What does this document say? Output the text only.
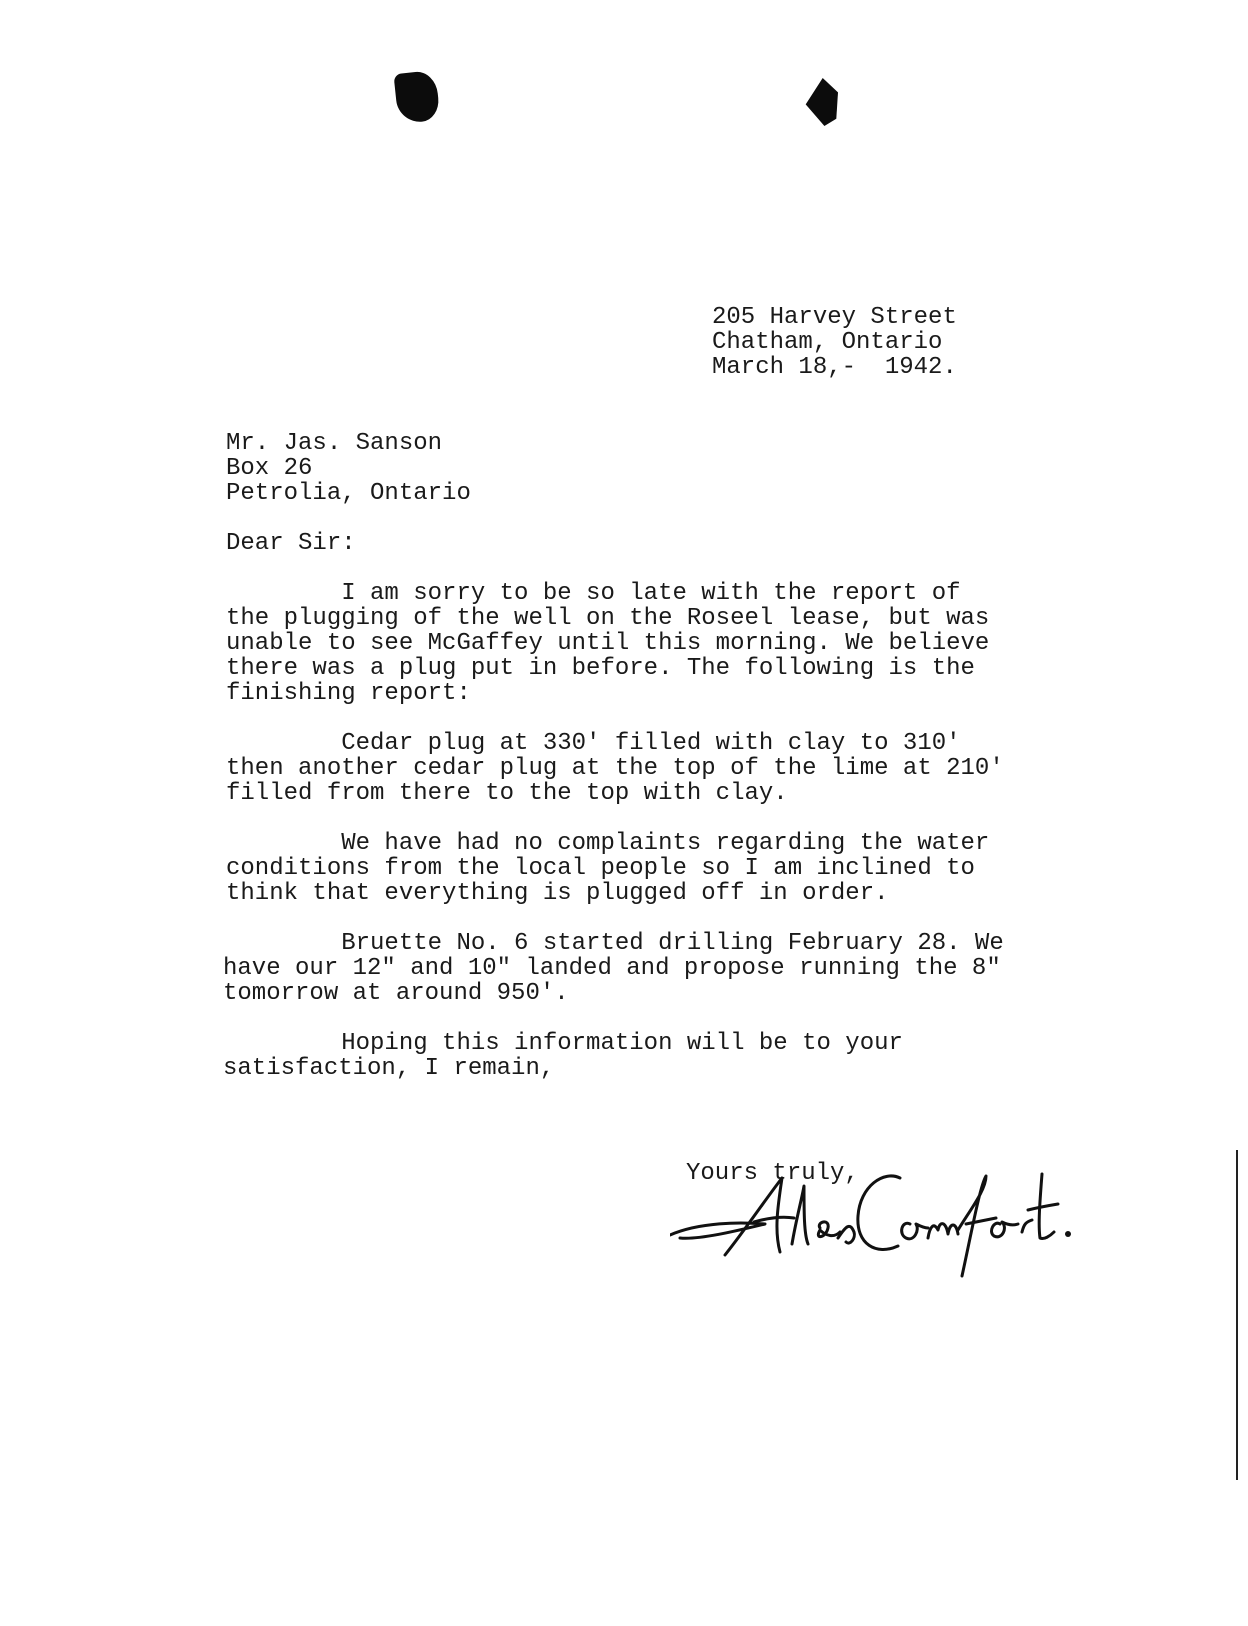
205 Harvey Street
Chatham, Ontario
March 18,-  1942.
Mr. Jas. Sanson
Box 26
Petrolia, Ontario
Dear Sir:
I am sorry to be so late with the report of
the plugging of the well on the Roseel lease, but was
unable to see McGaffey until this morning. We believe
there was a plug put in before. The following is the
finishing report:
Cedar plug at 330' filled with clay to 310'
then another cedar plug at the top of the lime at 210'
filled from there to the top with clay.
We have had no complaints regarding the water
conditions from the local people so I am inclined to
think that everything is plugged off in order.
Bruette No. 6 started drilling February 28. We
have our 12" and 10" landed and propose running the 8"
tomorrow at around 950'.
Hoping this information will be to your
satisfaction, I remain,
Yours truly,
